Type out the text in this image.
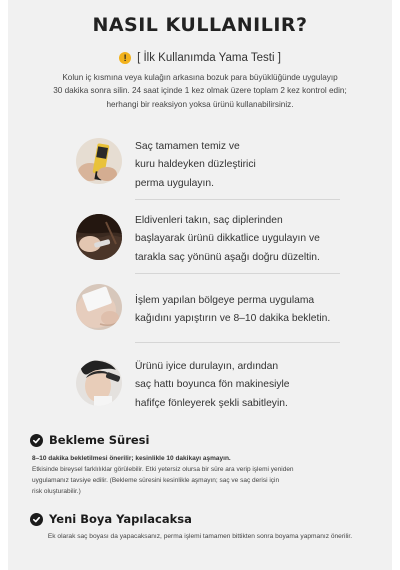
NASIL KULLANILIR?
! [ İlk Kullanımda Yama Testi ]
Kolun iç kısmına veya kulağın arkasına bozuk para büyüklüğünde uygulayıp
30 dakika sonra silin. 24 saat içinde 1 kez olmak üzere toplam 2 kez kontrol edin;
herhangi bir reaksiyon yoksa ürünü kullanabilirsiniz.
Saç tamamen temiz ve
kuru haldeyken düzleştirici
perma uygulayın.
Eldivenleri takın, saç diplerinden
başlayarak ürünü dikkatlice uygulayın ve
tarakla saç yönünü aşağı doğru düzeltin.
İşlem yapılan bölgeye perma uygulama
kağıdını yapıştırın ve 8–10 dakika bekletin.
Ürünü iyice durulayın, ardından
saç hattı boyunca fön makinesiyle
hafifçe fönleyerek şekli sabitleyin.
Bekleme Süresi
8–10 dakika bekletilmesi önerilir; kesinlikle 10 dakikayı aşmayın.
Etkisinde bireysel farklılıklar görülebilir. Etki yetersiz olursa bir süre ara verip işlemi yeniden
uygulamanız tavsiye edilir. (Bekleme süresini kesinlikle aşmayın; saç ve saç derisi için
risk oluşturabilir.)
Yeni Boya Yapılacaksa
Ek olarak saç boyası da yapacaksanız, perma işlemi tamamen bittikten sonra boyama yapmanız önerilir.
